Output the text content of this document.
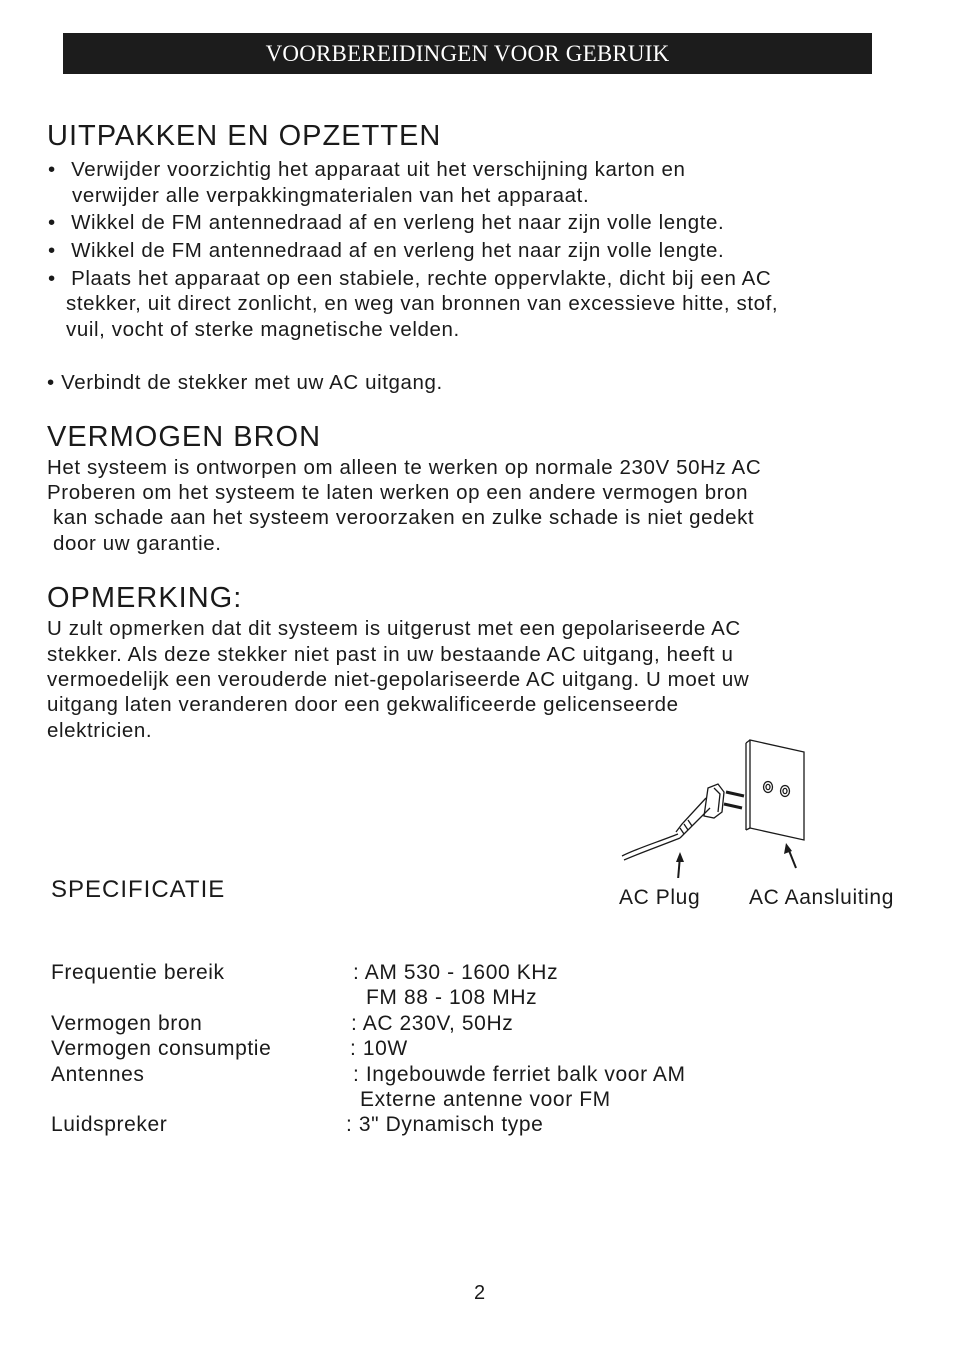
VOORBEREIDINGEN VOOR GEBRUIK
UITPAKKEN EN OPZETTEN
• Verwijder voorzichtig het apparaat uit het verschijning karton en
verwijder alle verpakkingmaterialen van het apparaat.
• Wikkel de FM antennedraad af en verleng het naar zijn volle lengte.
• Wikkel de FM antennedraad af en verleng het naar zijn volle lengte.
• Plaats het apparaat op een stabiele, rechte oppervlakte, dicht bij een AC
stekker, uit direct zonlicht, en weg van bronnen van excessieve hitte, stof,
vuil, vocht of sterke magnetische velden.
• Verbindt de stekker met uw AC uitgang.
VERMOGEN BRON
Het systeem is ontworpen om alleen te werken op normale 230V 50Hz AC
Proberen om het systeem te laten werken op een andere vermogen bron
kan schade aan het systeem veroorzaken en zulke schade is niet gedekt
door uw garantie.
OPMERKING:
U zult opmerken dat dit systeem is uitgerust met een gepolariseerde AC
stekker. Als deze stekker niet past in uw bestaande AC uitgang, heeft u
vermoedelijk een verouderde niet-gepolariseerde AC uitgang. U moet uw
uitgang laten veranderen door een gekwalificeerde gelicenseerde
elektricien.
AC Plug AC Aansluiting
SPECIFICATIE
Frequentie bereik	: AM 530 - 1600 KHz
FM 88 - 108 MHz
Vermogen bron	: AC 230V, 50Hz
Vermogen consumptie	: 10W
Antennes	: Ingebouwde ferriet balk voor AM
Externe antenne voor FM
Luidspreker	: 3" Dynamisch type
2
